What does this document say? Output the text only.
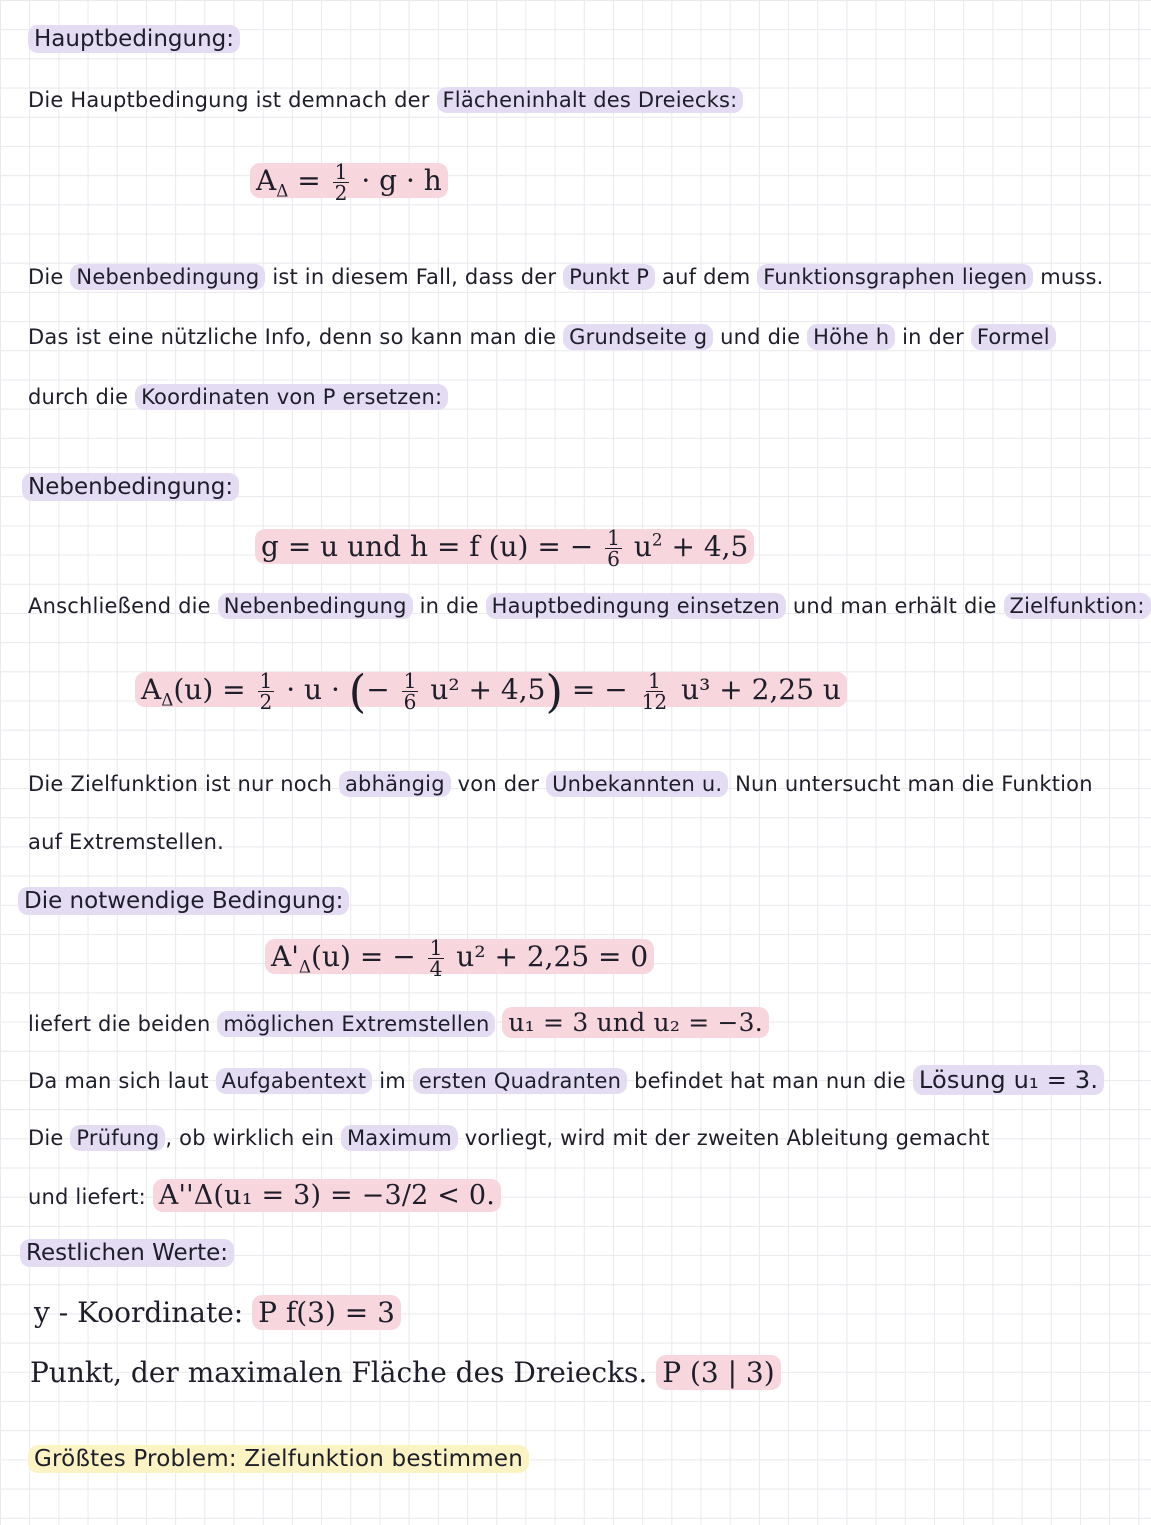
Hauptbedingung:
Die Hauptbedingung ist demnach der Flächeninhalt des Dreiecks:
$A_\Delta = \frac{1}{2} \cdot g \cdot h$
Die Nebenbedingung ist in diesem Fall, dass der Punkt P auf dem Funktionsgraphen liegen muss.
Das ist eine nützliche Info, denn so kann man die Grundseite g und die Höhe h in der Formel
durch die Koordinaten von P ersetzen:
Nebenbedingung:
g = u und h = f (u) = − $\frac{1}{6} u^2 + 4,5$
Anschließend die Nebenbedingung in die Hauptbedingung einsetzen und man erhält die Zielfunktion:
$A_\Delta(u) = \frac{1}{2} \cdot u$ · (− $\frac{1}{6} u^2 + 4,5$) = − $\frac{1}{12} u^3 + 2,25$ u
Die Zielfunktion ist nur noch abhängig von der Unbekannten u. Nun untersucht man die Funktion
auf Extremstellen.
Die notwendige Bedingung:
$A'_\Delta(u)$ = − $\frac{1}{4} u^2 + 2,25 = 0$
liefert die beiden möglichen Extremstellen u₁ = 3 und u₂ = −3.
Da man sich laut Aufgabentext im ersten Quadranten befindet hat man nun die Lösung u₁ = 3.
Die Prüfung , ob wirklich ein Maximum vorliegt, wird mit der zweiten Ableitung gemacht
und liefert: A''Δ(u₁ = 3) = −3/2 < 0.
Restlichen Werte:
y - Koordinate: P f(3) = 3
Punkt, der maximalen Fläche des Dreiecks. P (3 | 3)
Größtes Problem: Zielfunktion bestimmen
